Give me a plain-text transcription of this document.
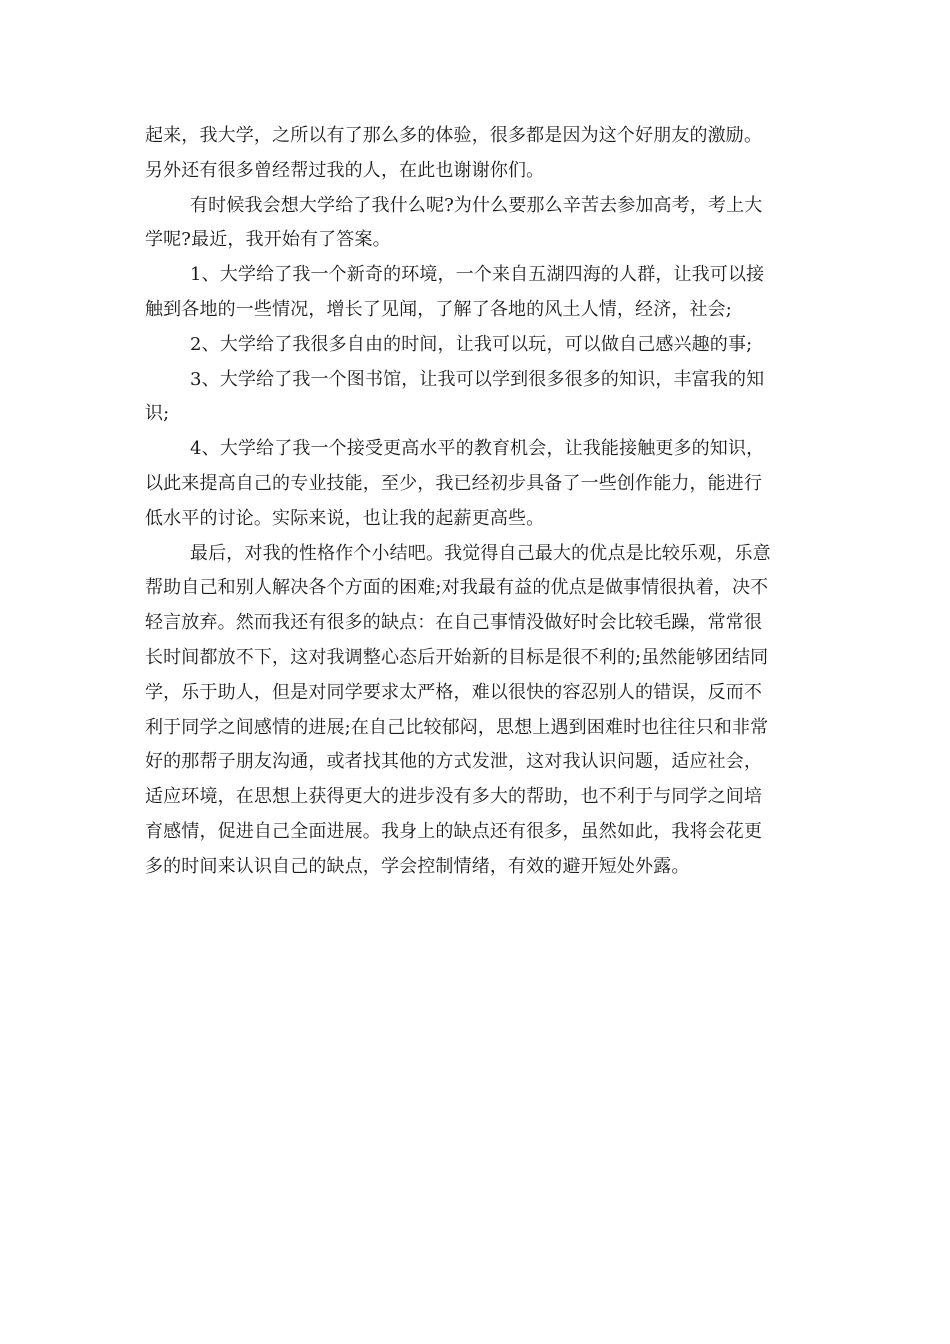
起来，我大学，之所以有了那么多的体验，很多都是因为这个好朋友的激励。
另外还有很多曾经帮过我的人，在此也谢谢你们。
有时候我会想大学给了我什么呢?为什么要那么辛苦去参加高考，考上大
学呢?最近，我开始有了答案。
1、大学给了我一个新奇的环境，一个来自五湖四海的人群，让我可以接
触到各地的一些情况，增长了见闻，了解了各地的风土人情，经济，社会;
2、大学给了我很多自由的时间，让我可以玩，可以做自己感兴趣的事;
3、大学给了我一个图书馆，让我可以学到很多很多的知识，丰富我的知
识;
4、大学给了我一个接受更高水平的教育机会，让我能接触更多的知识，
以此来提高自己的专业技能，至少，我已经初步具备了一些创作能力，能进行
低水平的讨论。实际来说，也让我的起薪更高些。
最后，对我的性格作个小结吧。我觉得自己最大的优点是比较乐观，乐意
帮助自己和别人解决各个方面的困难;对我最有益的优点是做事情很执着，决不
轻言放弃。然而我还有很多的缺点：在自己事情没做好时会比较毛躁，常常很
长时间都放不下，这对我调整心态后开始新的目标是很不利的;虽然能够团结同
学，乐于助人，但是对同学要求太严格，难以很快的容忍别人的错误，反而不
利于同学之间感情的进展;在自己比较郁闷，思想上遇到困难时也往往只和非常
好的那帮子朋友沟通，或者找其他的方式发泄，这对我认识问题，适应社会，
适应环境，在思想上获得更大的进步没有多大的帮助，也不利于与同学之间培
育感情，促进自己全面进展。我身上的缺点还有很多，虽然如此，我将会花更
多的时间来认识自己的缺点，学会控制情绪，有效的避开短处外露。
